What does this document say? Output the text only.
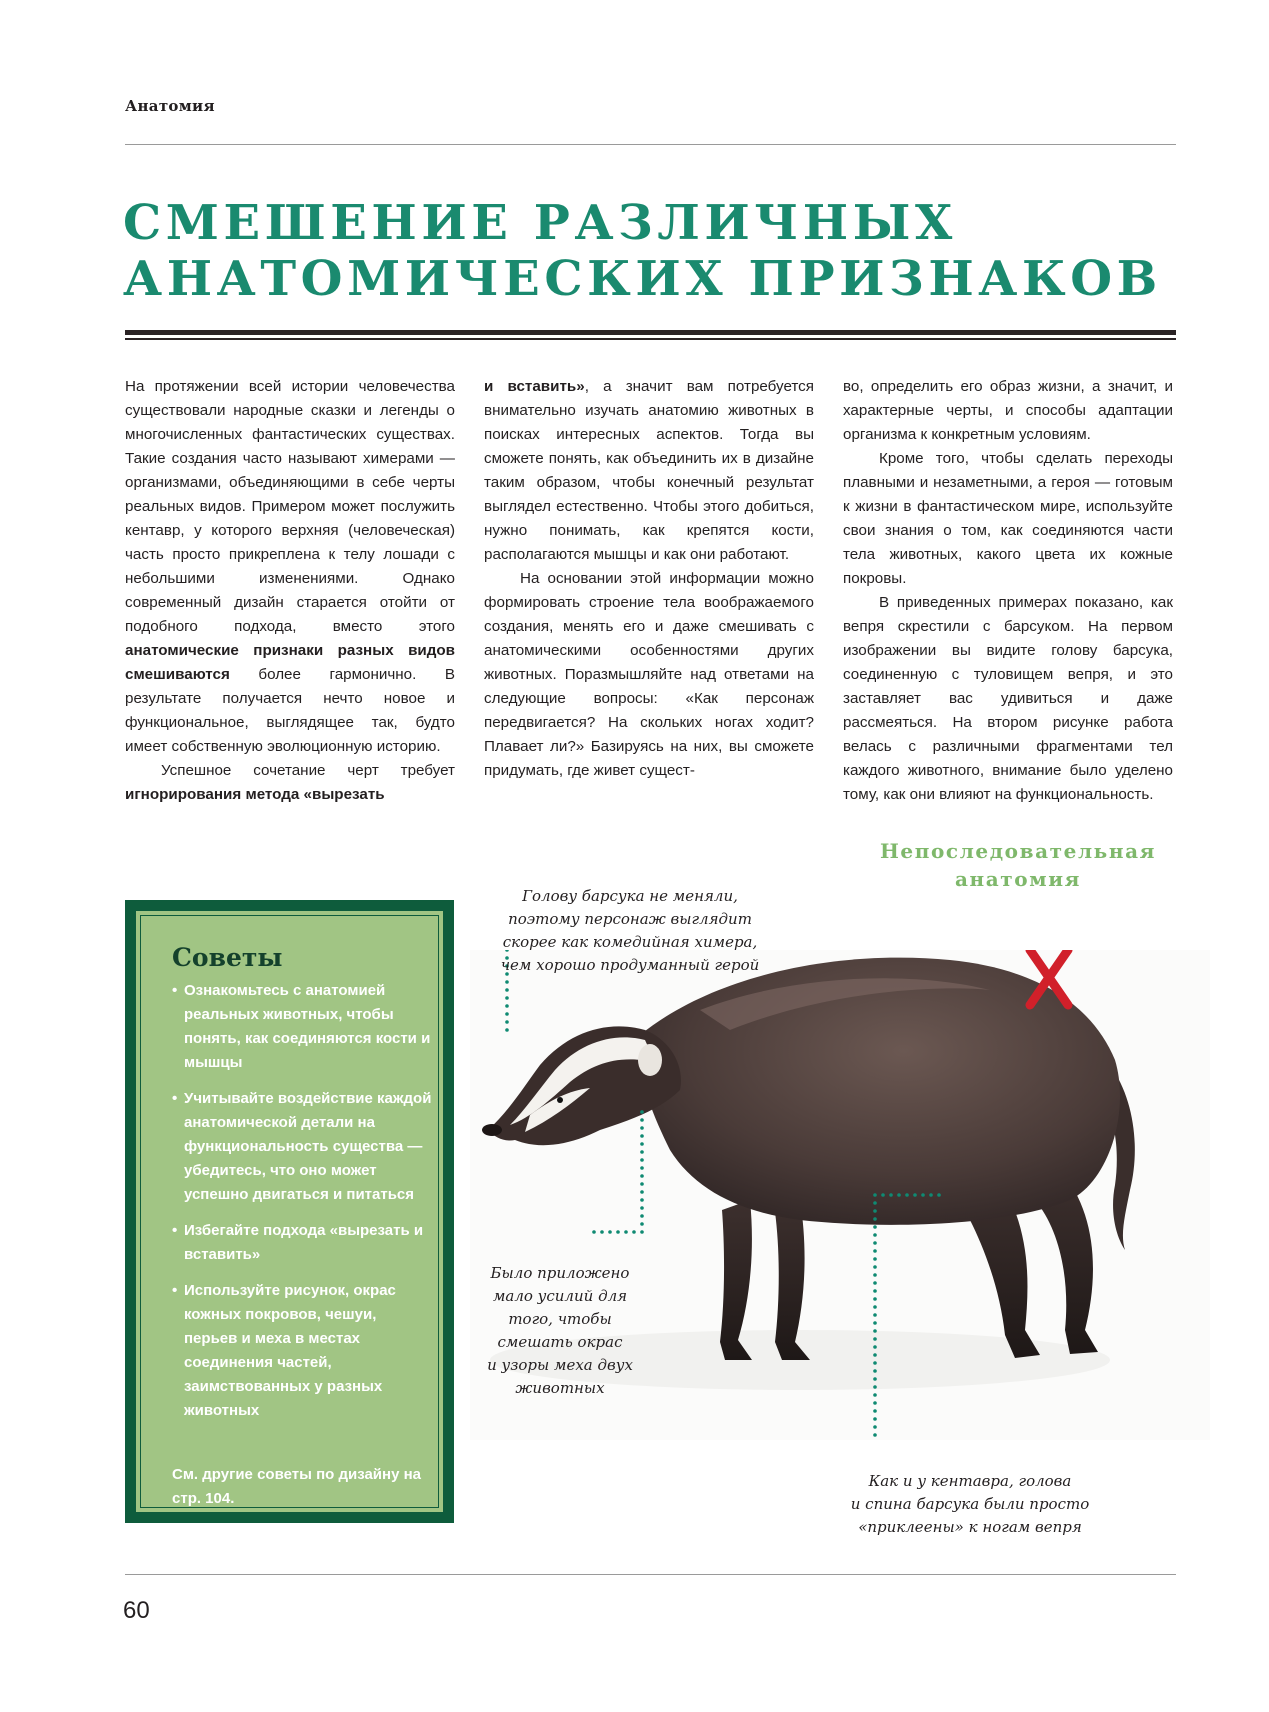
Анатомия
СМЕШЕНИЕ РАЗЛИЧНЫХ
АНАТОМИЧЕСКИХ ПРИЗНАКОВ

На протяжении всей истории человечества существовали народные сказки и легенды о многочисленных фантастических существах. Такие создания часто называют химерами — организмами, объединяющими в себе черты реальных видов. Примером может послужить кентавр, у которого верхняя (человеческая) часть просто прикреплена к телу лошади с небольшими изменениями. Однако современный дизайн старается отойти от подобного подхода, вместо этого анатомические признаки разных видов смешиваются более гармонично. В результате получается нечто новое и функциональное, выглядящее так, будто имеет собственную эволюционную историю.

Успешное сочетание черт требует игнорирования метода «вырезать

и вставить», а значит вам потребуется внимательно изучать анатомию животных в поисках интересных аспектов. Тогда вы сможете понять, как объединить их в дизайне таким образом, чтобы конечный результат выглядел естественно. Чтобы этого добиться, нужно понимать, как крепятся кости, располагаются мышцы и как они работают.

На основании этой информации можно формировать строение тела воображаемого создания, менять его и даже смешивать с анатомическими особенностями других животных. Поразмышляйте над ответами на следующие вопросы: «Как персонаж передвигается? На скольких ногах ходит? Плавает ли?» Базируясь на них, вы сможете придумать, где живет сущест-

во, определить его образ жизни, а значит, и характерные черты, и способы адаптации организма к конкретным условиям.

Кроме того, чтобы сделать переходы плавными и незаметными, а героя — готовым к жизни в фантастическом мире, используйте свои знания о том, как соединяются части тела животных, какого цвета их кожные покровы.

В приведенных примерах показано, как вепря скрестили с барсуком. На первом изображении вы видите голову барсука, соединенную с туловищем вепря, и это заставляет вас удивиться и даже рассмеяться. На втором рисунке работа велась с различными фрагментами тел каждого животного, внимание было уделено тому, как они влияют на функциональность.

Непоследовательная
анатомия
Советы
• Ознакомьтесь с анатомией реальных животных, чтобы понять, как соединяются кости и мышцы
• Учитывайте воздействие каждой анатомической детали на функциональность существа — убедитесь, что оно может успешно двигаться и питаться
• Избегайте подхода «вырезать и вставить»
• Используйте рисунок, окрас кожных покровов, чешуи, перьев и меха в местах соединения частей, заимствованных у разных животных
См. другие советы по дизайну на стр. 104.
Голову барсука не меняли,
поэтому персонаж выглядит
скорее как комедийная химера,
чем хорошо продуманный герой
Было приложено
мало усилий для
того, чтобы
смешать окрас
и узоры меха двух
животных
Как и у кентавра, голова
и спина барсука были просто
«приклеены» к ногам вепря
60
